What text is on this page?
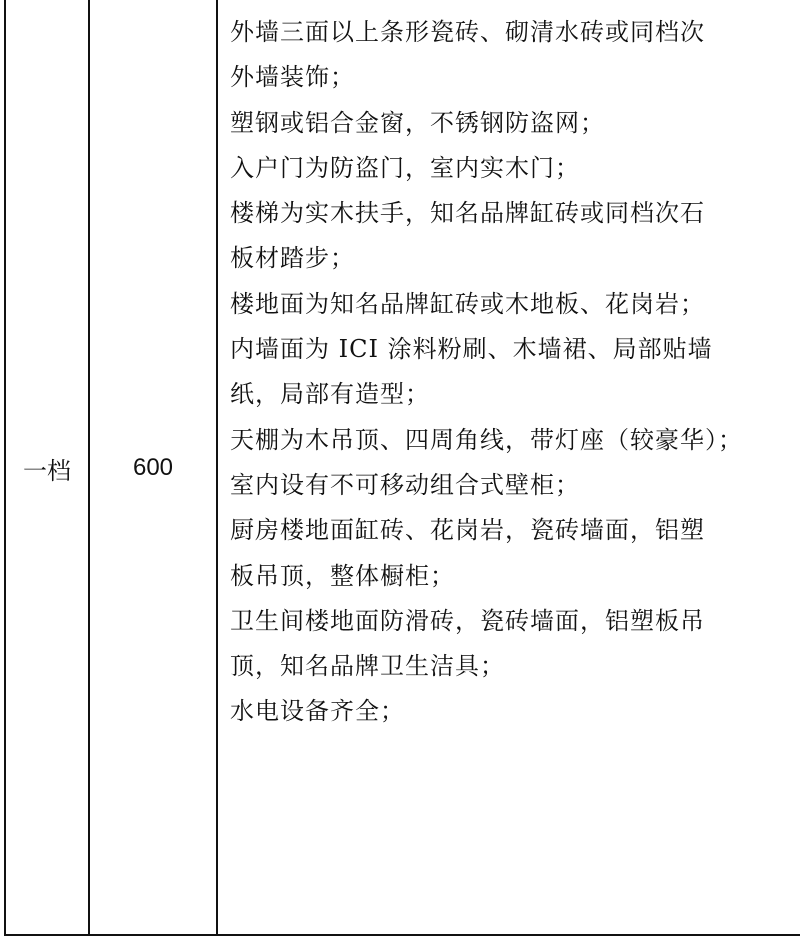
一档	600
外墙三面以上条形瓷砖、砌清水砖或同档次
外墙装饰；
塑钢或铝合金窗，不锈钢防盗网；
入户门为防盗门，室内实木门；
楼梯为实木扶手，知名品牌缸砖或同档次石
板材踏步；
楼地面为知名品牌缸砖或木地板、花岗岩；
内墙面为 ICI 涂料粉刷、木墙裙、局部贴墙
纸，局部有造型；
天棚为木吊顶、四周角线，带灯座（较豪华）；
室内设有不可移动组合式壁柜；
厨房楼地面缸砖、花岗岩，瓷砖墙面，铝塑
板吊顶，整体橱柜；
卫生间楼地面防滑砖，瓷砖墙面，铝塑板吊
顶，知名品牌卫生洁具；
水电设备齐全；
